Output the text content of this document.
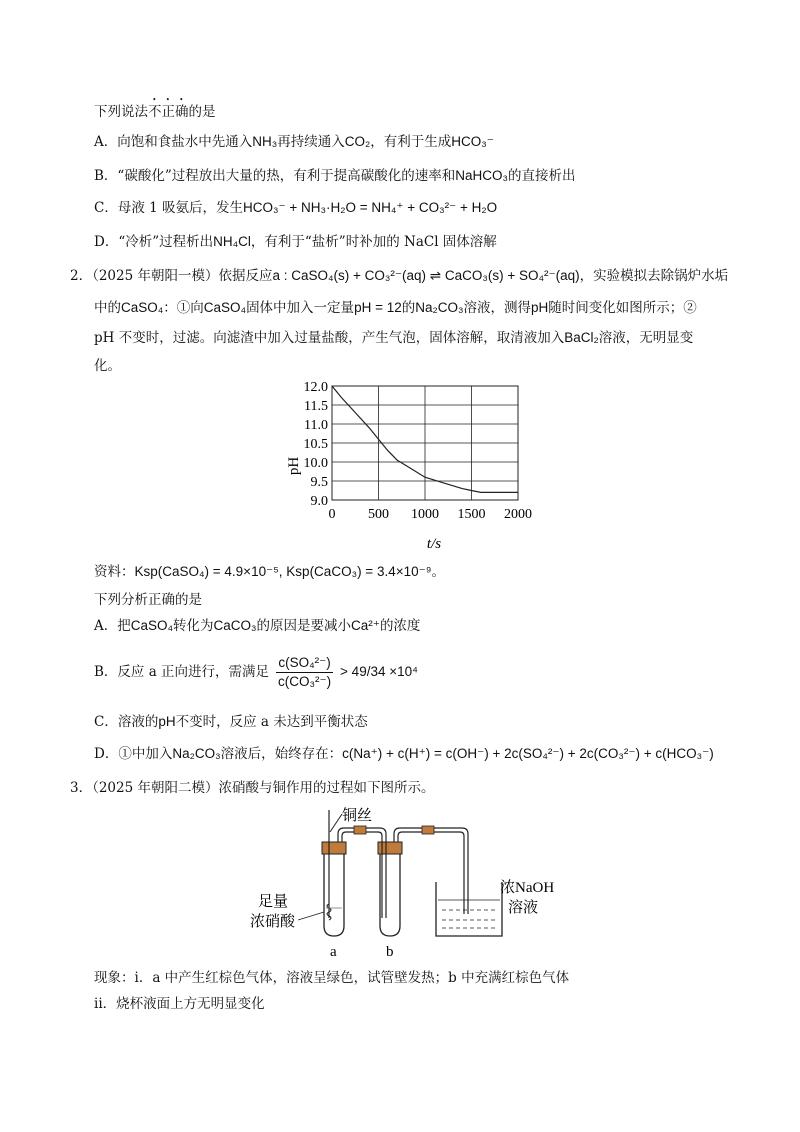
下列说法不正确的是
A．向饱和食盐水中先通入NH₃再持续通入CO₂，有利于生成HCO₃⁻
B．“碳酸化”过程放出大量的热，有利于提高碳酸化的速率和NaHCO₃的直接析出
C．母液 1 吸氨后，发生HCO₃⁻ + NH₃·H₂O = NH₄⁺ + CO₃²⁻ + H₂O
D．“冷析”过程析出NH₄Cl，有利于“盐析”时补加的 NaCl 固体溶解
2．（2025 年朝阳一模）依据反应a : CaSO₄(s) + CO₃²⁻(aq) ⇌ CaCO₃(s) + SO₄²⁻(aq)，实验模拟去除锅炉水垢
中的CaSO₄：①向CaSO₄固体中加入一定量pH = 12的Na₂CO₃溶液，测得pH随时间变化如图所示；②
pH 不变时，过滤。向滤渣中加入过量盐酸，产生气泡，固体溶解，取清液加入BaCl₂溶液，无明显变
化。
12.0
11.5
11.0
10.5
10.0
9.5
9.0
0 500 1000 1500 2000
pH
t/s
资料：Ksp(CaSO₄) = 4.9×10⁻⁵, Ksp(CaCO₃) = 3.4×10⁻⁹。
下列分析正确的是
A．把CaSO₄转化为CaCO₃的原因是要减小Ca²⁺的浓度
B．反应 a 正向进行，需满足 $\frac{\text{c(SO₄²⁻)}}{\text{c(CO₃²⁻)}} > 49/34 \times 10^4$
C．溶液的pH不变时，反应 a 未达到平衡状态
D．①中加入Na₂CO₃溶液后，始终存在：c(Na⁺) + c(H⁺) = c(OH⁻) + 2c(SO₄²⁻) + 2c(CO₃²⁻) + c(HCO₃⁻)
3．（2025 年朝阳二模）浓硝酸与铜作用的过程如下图所示。
铜丝
足量
浓硝酸
a	b
浓NaOH
溶液
现象：i．a 中产生红棕色气体，溶液呈绿色，试管壁发热；b 中充满红棕色气体
ii．烧杯液面上方无明显变化
